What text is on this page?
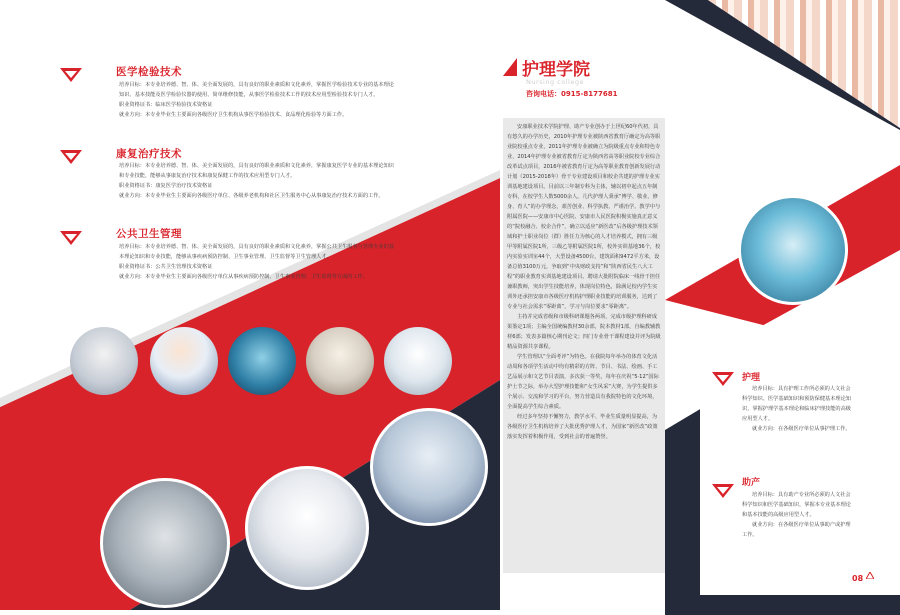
医学检验技术
培养目标：本专业培养德、智、体、美全面发展的，具有良好的职业素质和文化素养，掌握医学检验技术专业的基本理论知识、基本技能及医学检验仪器的使用、简单维修技能，从事医学检验技术工作的技术应用型检验技术专门人才。
职业资格证书：临床医学检验技术资格证
就业方向：本专业毕业生主要面向各级医疗卫生机构从事医学检验技术、食品理化检验等方面工作。
康复治疗技术
培养目标：本专业培养德、智、体、美全面发展的，具有良好的职业素质和文化素养，掌握康复医学专业的基本理论知识和专业技能，能够从事康复治疗技术和康复保健工作的技术应用型专门人才。
职业资格证书：康复医学治疗技术资格证
就业方向：本专业毕业生主要面向各级医疗单位、各级养老机构和社区卫生服务中心从事康复治疗技术方面的工作。
公共卫生管理
培养目标：本专业培养德、智、体、美全面发展的，具有良好的职业素质和文化素养，掌握公共卫生服务与管理专业的基本理论知识和专业技能，能够从事疾病预防控制、卫生事业管理、卫生监督等卫生管理人才。
职业资格证书：公共卫生管理技术资格证
就业方向：本专业毕业生主要面向各级医疗单位从事疾病预防控制、卫生事业管理、卫生监督等方面的工作。
07
护理学院
Nursing college
咨询电话：0915-8177681
安康职业技术学院护理、助产专业创办于上世纪60年代初，具有悠久的办学历史，2010年护理专业被陕西省教育厅确定为高等职业院校重点专业，2011年护理专业被确立为院级重点专业和特色专业，2014年护理专业被省教育厅定为陕西省高等职业院校专业综合改革试点项目，2016年被省教育厅定为高等职业教育创新发展行动计划（2015-2018年）骨干专业建设项目和校企共建的护理专业实训基地建设项目。目前以三年制专科为主体，辅以初中起点五年制专科，在校学生人数5000余人。几代护理人秉承“博学、敬业、修身、育人”的办学理念，艰苦创业、科学执教、严谨治学。教学中与附属医院——安康市中心医院、安康市人民医院积极实施真正意义的“院校融合、校企合作”，确立以适应“新医改”后各级护理技术领域和护士职业岗位（群）胜任力为核心的人才培养模式，拥有三级甲等附属医院1所，三级乙等附属医院1所，校外实训基地36个，校内实验实训室44个，大型设备4500台，建筑面积9472平方米，设备总值3100万元，争取到“中央财政支持”和“陕西省民生八大工程”的职业教育实训基地建设项目。聘请大批附院临床一线骨干担任兼职教师，突出学生技能培养，体现岗位特色，除满足校内学生实训外还承担安康市各级医疗机构护理职业技能的培训服务，达到了专业与社会需求“零距离”，学习与岗位要求“零距离”。
主持并完成省级和市级科研课题各两项，完成市级护理科研成果鉴定1项；主编全国统编教材30余部，院本教材1部，自编教辅教材6部；发表多篇核心期刊论文；四门专业骨干课程建设并评为院级精品资源共享课程。
学生管理以“全面考评”为特色。在我院每年举办的体育文化活动周和各项学生活动中均有精彩的方阵、节目、书法、绘画、手工艺品展示和文艺节目表演，多次获一等奖，每年在庆祝“5·12”国际护士节之际，举办大型护理技能和“女生风采”大赛，为学生提供多个展示、交流和学习的平台，努力营造具有我院特色的文化环境，全面提高学生综合素质。
经过多年坚持不懈努力，教学水平、毕业生质量明显提高，为各级医疗卫生机构培养了大批优秀护理人才，为国家“新医改”政策落实发挥着积极作用，受到社会的普遍赞誉。
护理
培养目标：具有护理工作所必须的人文社会科学知识、医学基础知识和预防保健基本理论知识，掌握护理学基本理论和临床护理技能的高级应用型人才。
就业方向：在各级医疗单位从事护理工作。
助产
培养目标：具有助产专业所必须的人文社会科学知识和医学基础知识，掌握本专业基本理论和基本技能的高级应用型人才。
就业方向：在各级医疗单位从事助产或护理工作。
08
